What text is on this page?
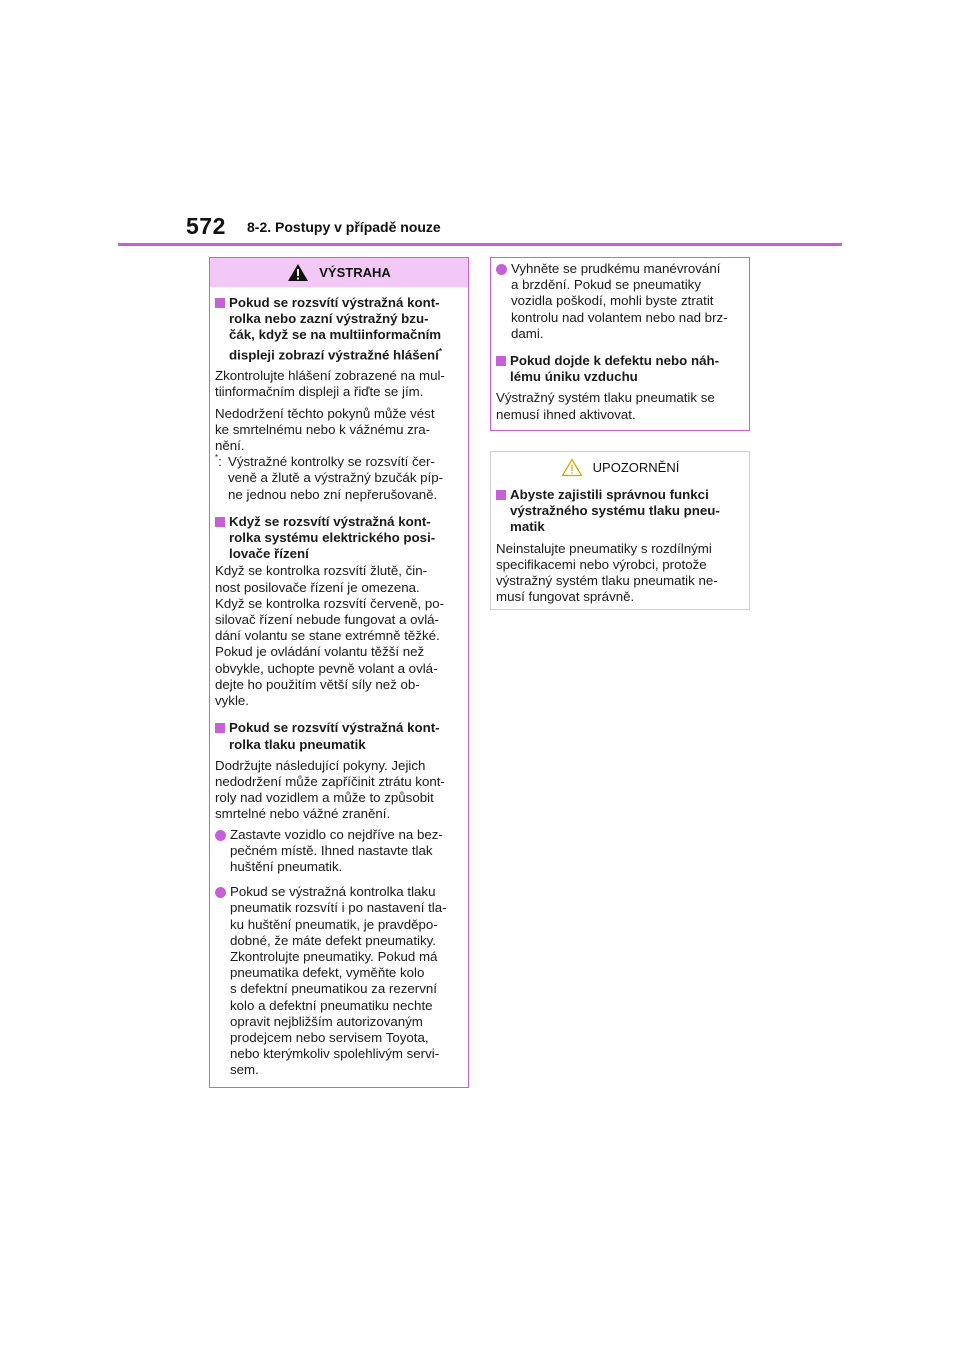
572 8-2. Postupy v případě nouze
VÝSTRAHA
Pokud se rozsvítí výstražná kont-
rolka nebo zazní výstražný bzu-
čák, když se na multiinformačním
displeji zobrazí výstražné hlášení*
Zkontrolujte hlášení zobrazené na mul-
tiinformačním displeji a řiďte se jím.
Nedodržení těchto pokynů může vést
ke smrtelnému nebo k vážnému zra-
nění.
*: Výstražné kontrolky se rozsvítí čer-
veně a žlutě a výstražný bzučák píp-
ne jednou nebo zní nepřerušovaně.
Když se rozsvítí výstražná kont-
rolka systému elektrického posi-
lovače řízení
Když se kontrolka rozsvítí žlutě, čin-
nost posilovače řízení je omezena.
Když se kontrolka rozsvítí červeně, po-
silovač řízení nebude fungovat a ovlá-
dání volantu se stane extrémně těžké.
Pokud je ovládání volantu těžší než
obvykle, uchopte pevně volant a ovlá-
dejte ho použitím větší síly než ob-
vykle.
Pokud se rozsvítí výstražná kont-
rolka tlaku pneumatik
Dodržujte následující pokyny. Jejich
nedodržení může zapříčinit ztrátu kont-
roly nad vozidlem a může to způsobit
smrtelné nebo vážné zranění.
Zastavte vozidlo co nejdříve na bez-
pečném místě. Ihned nastavte tlak
huštění pneumatik.
Pokud se výstražná kontrolka tlaku
pneumatik rozsvítí i po nastavení tla-
ku huštění pneumatik, je pravděpo-
dobné, že máte defekt pneumatiky.
Zkontrolujte pneumatiky. Pokud má
pneumatika defekt, vyměňte kolo
s defektní pneumatikou za rezervní
kolo a defektní pneumatiku nechte
opravit nejbližším autorizovaným
prodejcem nebo servisem Toyota,
nebo kterýmkoliv spolehlivým servi-
sem.
Vyhněte se prudkému manévrování
a brzdění. Pokud se pneumatiky
vozidla poškodí, mohli byste ztratit
kontrolu nad volantem nebo nad brz-
dami.
Pokud dojde k defektu nebo náh-
lému úniku vzduchu
Výstražný systém tlaku pneumatik se
nemusí ihned aktivovat.
UPOZORNĚNÍ
Abyste zajistili správnou funkci
výstražného systému tlaku pneu-
matik
Neinstalujte pneumatiky s rozdílnými
specifikacemi nebo výrobci, protože
výstražný systém tlaku pneumatik ne-
musí fungovat správně.
